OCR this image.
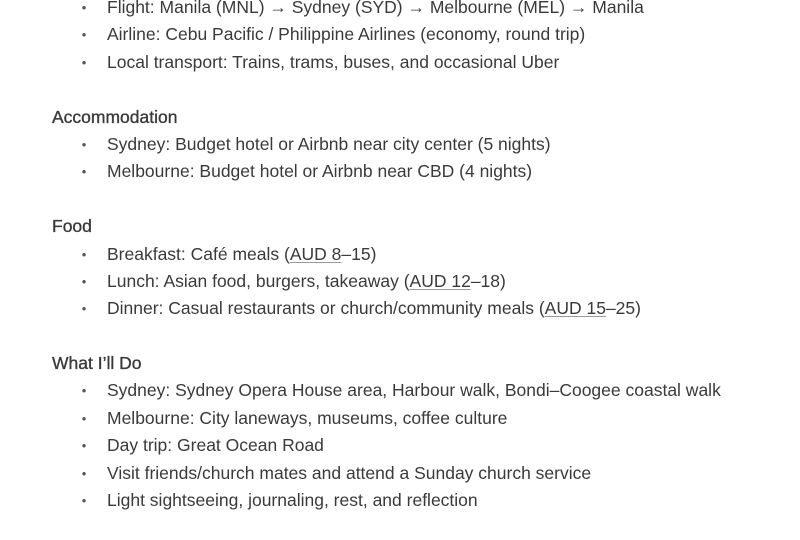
• Flight: Manila (MNL) → Sydney (SYD) → Melbourne (MEL) → Manila
• Airline: Cebu Pacific / Philippine Airlines (economy, round trip)
• Local transport: Trains, trams, buses, and occasional Uber
Accommodation
• Sydney: Budget hotel or Airbnb near city center (5 nights)
• Melbourne: Budget hotel or Airbnb near CBD (4 nights)
Food
• Breakfast: Café meals (AUD 8–15)
• Lunch: Asian food, burgers, takeaway (AUD 12–18)
• Dinner: Casual restaurants or church/community meals (AUD 15–25)
What I’ll Do
• Sydney: Sydney Opera House area, Harbour walk, Bondi–Coogee coastal walk
• Melbourne: City laneways, museums, coffee culture
• Day trip: Great Ocean Road
• Visit friends/church mates and attend a Sunday church service
• Light sightseeing, journaling, rest, and reflection
